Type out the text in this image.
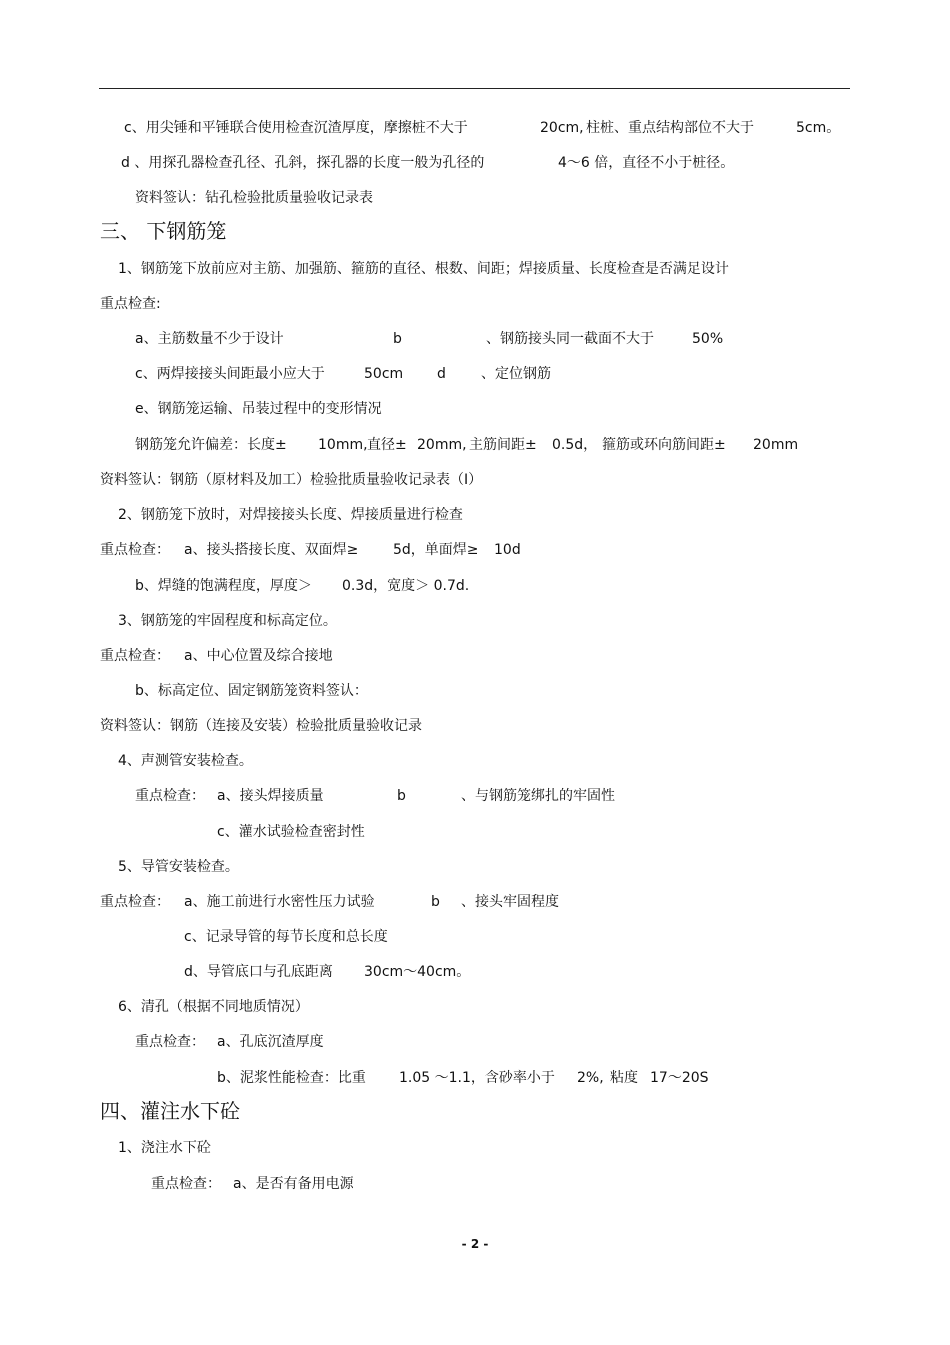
c、用尖锤和平锤联合使用检查沉渣厚度，摩擦桩不大于	20cm, 柱桩、重点结构部位不大于	5cm。
d 、用探孔器检查孔径、孔斜，探孔器的长度一般为孔径的	4～6 倍，直径不小于桩径。
资料签认：钻孔检验批质量验收记录表
三、 下钢筋笼
1、钢筋笼下放前应对主筋、加强筋、箍筋的直径、根数、间距；焊接质量、长度检查是否满足设计
重点检查:
a、主筋数量不少于设计	b	、钢筋接头同一截面不大于	50%
c、两焊接接头间距最小应大于	50cm d	、定位钢筋
e、钢筋笼运输、吊装过程中的变形情况
钢筋笼允许偏差：长度± 10mm, 直径± 20mm, 主筋间距± 0.5d， 箍筋或环向筋间距± 20mm
资料签认：钢筋（原材料及加工）检验批质量验收记录表（Ⅰ）
2、钢筋笼下放时，对焊接接头长度、焊接质量进行检查
重点检查： a、接头搭接长度、双面焊≥ 5d，单面焊≥ 10d
b、焊缝的饱满程度，厚度＞ 0.3d，宽度＞ 0.7d.
3、钢筋笼的牢固程度和标高定位。
重点检查： a、中心位置及综合接地
b、标高定位、固定钢筋笼资料签认：
资料签认：钢筋（连接及安装）检验批质量验收记录
4、声测管安装检查。
重点检查： a、接头焊接质量	b	、与钢筋笼绑扎的牢固性
c、灌水试验检查密封性
5、导管安装检查。
重点检查： a、施工前进行水密性压力试验	b 、接头牢固程度
c、记录导管的每节长度和总长度
d、导管底口与孔底距离 30cm～40cm。
6、清孔（根据不同地质情况）
重点检查： a、孔底沉渣厚度
b、泥浆性能检查：比重 1.05 ～1.1，含砂率小于 2%, 粘度 17～20S
四、灌注水下砼
1、浇注水下砼
重点检查： a、是否有备用电源
- 2 -
